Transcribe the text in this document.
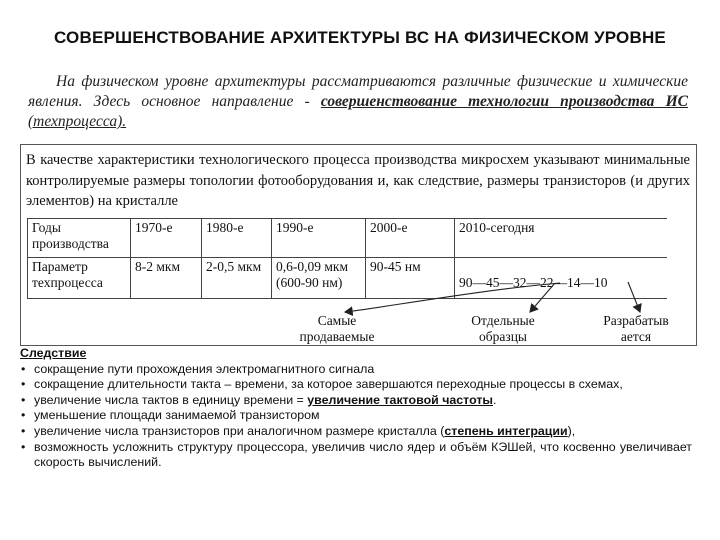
СОВЕРШЕНСТВОВАНИЕ АРХИТЕКТУРЫ ВС НА ФИЗИЧЕСКОМ УРОВНЕ
На физическом уровне архитектуры рассматриваются различные физические и химические явления. Здесь основное направление - совершенствование технологии производства ИС (техпроцесса).
В качестве характеристики технологического процесса производства микросхем указывают минимальные контролируемые размеры топологии фотооборудования и, как следствие, размеры транзисторов (и других элементов) на кристалле
Годы производства	1970-е	1980-е	1990-е	2000-е	2010-сегодня
Параметр техпроцесса	8-2 мкм	2-0,5 мкм	0,6-0,09 мкм (600-90 нм)	90-45 нм	90—45—32—22—14—10
Самые продаваемые
Отдельные образцы
Разрабатыв ается
Следствие
• сокращение пути прохождения электромагнитного сигнала
• сокращение длительности такта – времени, за которое завершаются переходные процессы в схемах,
• увеличение числа тактов в единицу времени = увеличение тактовой частоты.
• уменьшение площади занимаемой транзистором
• увеличение числа транзисторов при аналогичном размере кристалла (степень интеграции),
• возможность усложнить структуру процессора, увеличив число ядер и объём КЭШей, что косвенно увеличивает скорость вычислений.
